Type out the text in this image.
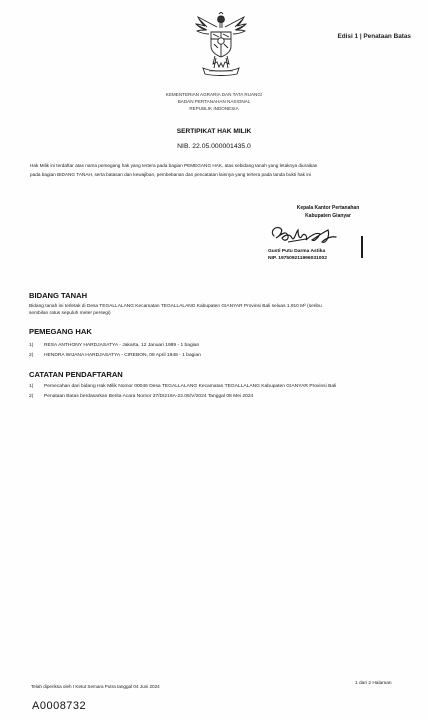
Edisi 1 | Penataan Batas
KEMENTERIAN AGRARIA DAN TATA RUANG/
BADAN PERTANAHAN NASIONAL
REPUBLIK INDONESIA
SERTIPIKAT HAK MILIK
NIB. 22.05.000001435.0
Hak Milik ini terdaftar atas nama pemegang hak yang tertera pada bagian PEMEGANG HAK, atas sebidang tanah yang letaknya diuraikan
pada bagian BIDANG TANAH, serta batasan dan kewajiban, pembebanan dan pencatatan lainnya yang tertera pada tanda bukti hak ini
Kepala Kantor Pertanahan
Kabupaten Gianyar
Gusti Putu Darma Astika
NIP. 197509211996031002
BIDANG TANAH
Bidang tanah ini terletak di Desa TEGALLALANG Kecamatan TEGALLALANG Kabupaten GIANYAR Provinsi Bali seluas 1.910 M² (seribu
sembilan ratus sepuluh meter persegi)
PEMEGANG HAK
1) RESA ANTHONY HARDJASATYA - Jakarta, 12 Januari 1989 - 1 bagian
2) HENDRA WIJANA HARDJASATYA - CIREBON, 08 April 1948 - 1 bagian
CATATAN PENDAFTARAN
1) Pemecahan dari bidang Hak Milik Nomor 00046 Desa TEGALLALANG Kecamatan TEGALLALANG Kabupaten GIANYAR Provinsi Bali
2) Penataan Batas berdasarkan Berita Acara Nomor 37/DI219A-22.05/V/2024 Tanggal 08 Mei 2024
Telah diperiksa oleh I Ketut Semara Putra tanggal 04 Juni 2024
1 dari 2 Halaman
A0008732
